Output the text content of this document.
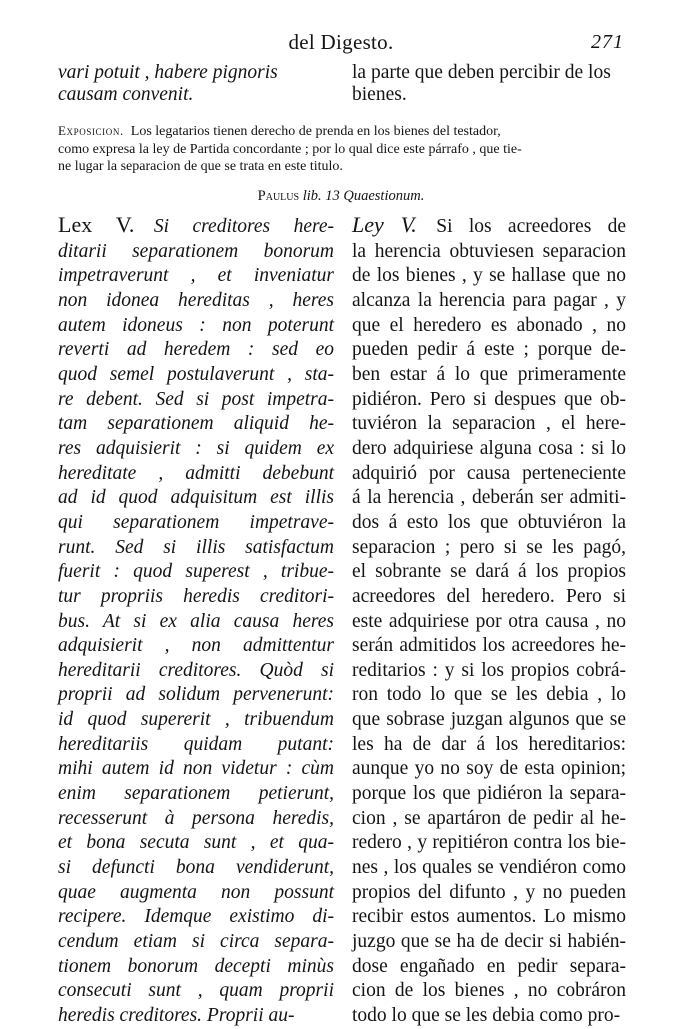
del Digesto.	271
vari potuit , habere pignoris
causam convenit.
la parte que deben percibir de los
bienes.
Exposicion. Los legatarios tienen derecho de prenda en los bienes del testador,
como expresa la ley de Partida concordante ; por lo qual dice este párrafo , que tie-
ne lugar la separacion de que se trata en este titulo.
Paulus lib. 13 Quaestionum.
Lex V.  Si creditores here-
ditarii separationem bonorum
impetraverunt , et inveniatur
non idonea hereditas , heres
autem idoneus : non poterunt
reverti ad heredem : sed eo
quod semel postulaverunt , sta-
re debent. Sed si post impetra-
tam separationem aliquid he-
res adquisierit : si quidem ex
hereditate , admitti debebunt
ad id quod adquisitum est illis
qui separationem impetrave-
runt. Sed si illis satisfactum
fuerit : quod superest , tribue-
tur propriis heredis creditori-
bus. At si ex alia causa heres
adquisierit , non admittentur
hereditarii creditores. Quòd si
proprii ad solidum pervenerunt:
id quod supererit , tribuendum
hereditariis quidam putant:
mihi autem id non videtur : cùm
enim separationem petierunt,
recesserunt à persona heredis,
et bona secuta sunt , et qua-
si defuncti bona vendiderunt,
quae augmenta non possunt
recipere. Idemque existimo di-
cendum etiam si circa separa-
tionem bonorum decepti minùs
consecuti sunt , quam proprii
heredis creditores. Proprii au-
Ley V.  Si los acreedores de
la herencia obtuviesen separacion
de los bienes , y se hallase que no
alcanza la herencia para pagar , y
que el heredero es abonado , no
pueden pedir á este ; porque de-
ben estar á lo que primeramente
pidiéron. Pero si despues que ob-
tuviéron la separacion , el here-
dero adquiriese alguna cosa : si lo
adquirió por causa perteneciente
á la herencia , deberán ser admiti-
dos á esto los que obtuviéron la
separacion ; pero si se les pagó,
el sobrante se dará á los propios
acreedores del heredero. Pero si
este adquiriese por otra causa , no
serán admitidos los acreedores he-
reditarios : y si los propios cobrá-
ron todo lo que se les debia , lo
que sobrase juzgan algunos que se
les ha de dar á los hereditarios:
aunque yo no soy de esta opinion;
porque los que pidiéron la separa-
cion , se apartáron de pedir al he-
redero , y repitiéron contra los bie-
nes , los quales se vendiéron como
propios del difunto , y no pueden
recibir estos aumentos. Lo mismo
juzgo que se ha de decir si habién-
dose engañado en pedir separa-
cion de los bienes , no cobráron
todo lo que se les debia como pro-
